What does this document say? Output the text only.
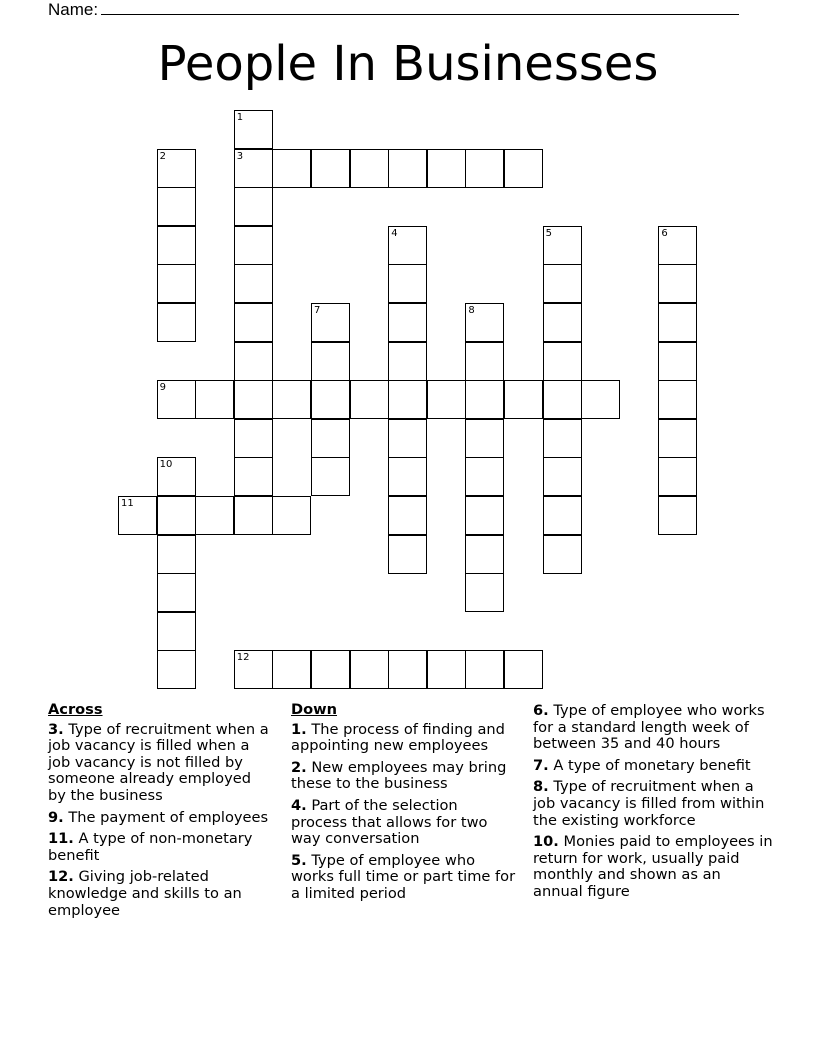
Name:
People In Businesses
1
3
2
4	5	6
7	8
9
10
11
12
Across
3. Type of recruitment when a job vacancy is filled when a job vacancy is not filled by someone already employed by the business
9. The payment of employees
11. A type of non-monetary benefit
12. Giving job-related knowledge and skills to an employee
Down
1. The process of finding and appointing new employees
2. New employees may bring these to the business
4. Part of the selection process that allows for two way conversation
5. Type of employee who works full time or part time for a limited period
6. Type of employee who works for a standard length week of between 35 and 40 hours
7. A type of monetary benefit
8. Type of recruitment when a job vacancy is filled from within the existing workforce
10. Monies paid to employees in return for work, usually paid monthly and shown as an annual figure
